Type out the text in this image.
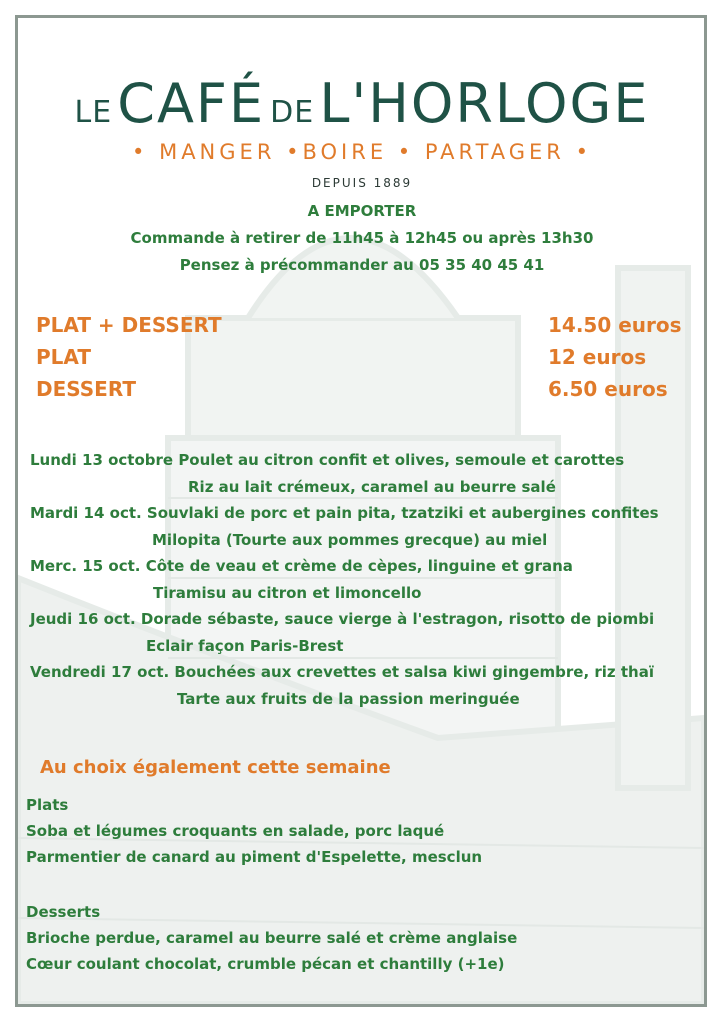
LE CAFÉ DE L'HORLOGE
• MANGER •BOIRE • PARTAGER •
DEPUIS 1889
A EMPORTER
Commande à retirer de 11h45 à 12h45 ou après 13h30
Pensez à précommander au 05 35 40 45 41
PLAT + DESSERT	14.50 euros
PLAT	12 euros
DESSERT	6.50 euros
Lundi 13 octobre Poulet au citron confit et olives, semoule et carottes
Riz au lait crémeux, caramel au beurre salé
Mardi 14 oct. Souvlaki de porc et pain pita, tzatziki et aubergines confites
Milopita (Tourte aux pommes grecque) au miel
Merc. 15 oct. Côte de veau et crème de cèpes, linguine et grana
Tiramisu au citron et limoncello
Jeudi 16 oct. Dorade sébaste, sauce vierge à l'estragon, risotto de piombi
Eclair façon Paris-Brest
Vendredi 17 oct. Bouchées aux crevettes et salsa kiwi gingembre, riz thaï
Tarte aux fruits de la passion meringuée
Au choix également cette semaine
Plats
Soba et légumes croquants en salade, porc laqué
Parmentier de canard au piment d'Espelette, mesclun
Desserts
Brioche perdue, caramel au beurre salé et crème anglaise
Cœur coulant chocolat, crumble pécan et chantilly (+1e)
